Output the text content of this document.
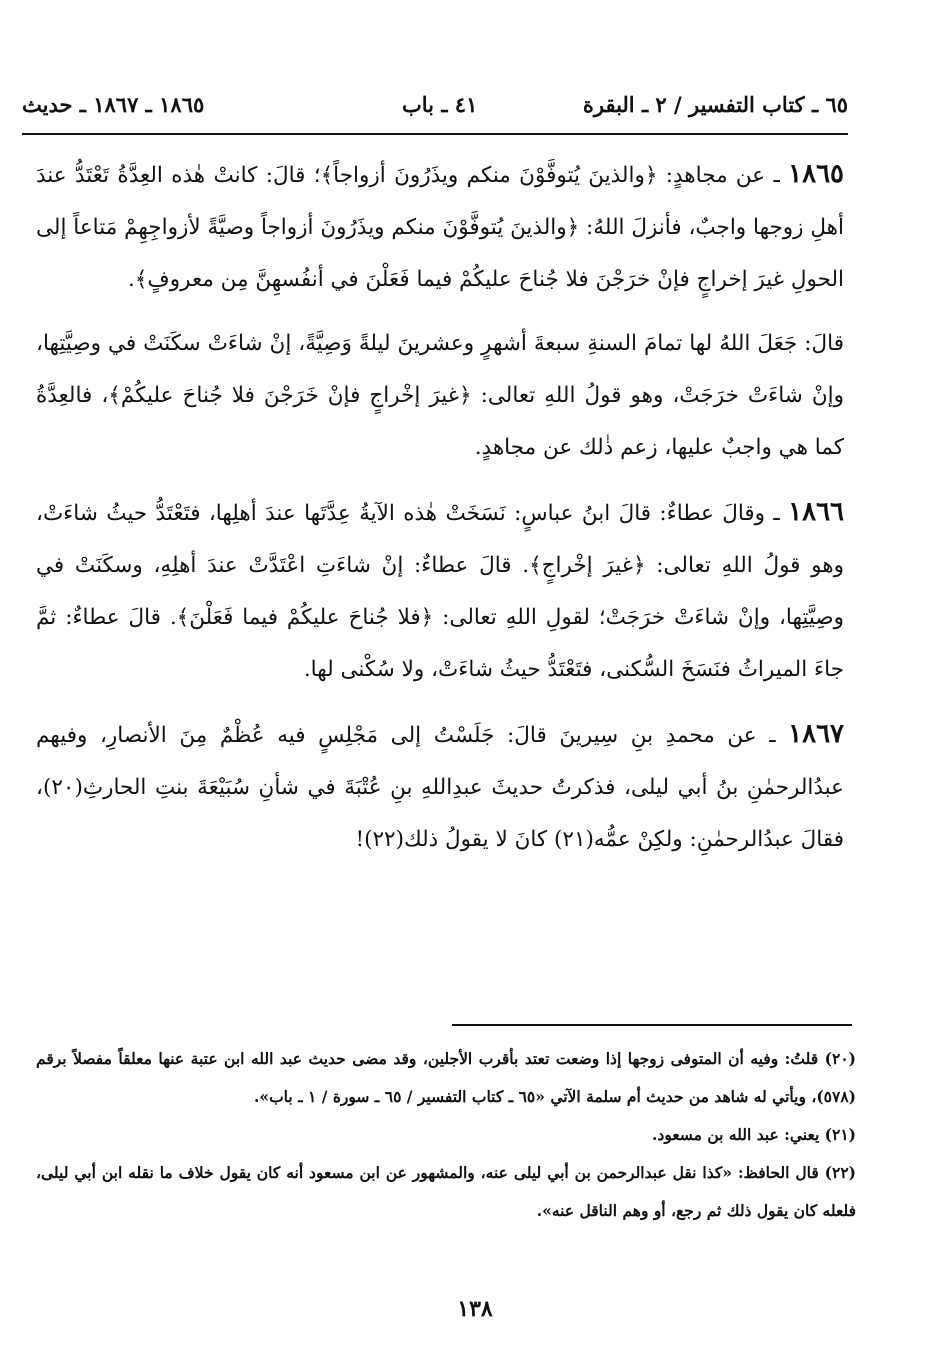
٦٥ ـ كتاب التفسير / ٢ ـ البقرة
٤١ ـ باب
١٨٦٥ ـ ١٨٦٧ ـ حديث

١٨٦٥ ـ عن مجاهدٍ: ﴿والذينَ يُتوفَّوْنَ منكم ويذَرُونَ أزواجاً﴾؛ قالَ: كانتْ هٰذه العِدَّةُ تَعْتَدُّ عندَ أهلِ زوجها واجبٌ، فأنزلَ اللهُ: ﴿والذينَ يُتوفَّوْنَ منكم ويذَرُونَ أزواجاً وصيَّةً لأزواجِهِمْ مَتاعاً إلى الحولِ غيرَ إخراجٍ فإنْ خرَجْنَ فلا جُناحَ عليكُمْ فيما فَعَلْنَ في أنفُسهِنَّ مِن معروفٍ﴾.

قالَ: جَعَلَ اللهُ لها تمامَ السنةِ سبعةَ أشهرٍ وعشرينَ ليلةً وَصِيَّةً، إنْ شاءَتْ سكَنَتْ في وصِيَّتِها، وإنْ شاءَتْ خرَجَتْ، وهو قولُ اللهِ تعالى: ﴿غيرَ إخْراجٍ فإنْ خَرَجْنَ فلا جُناحَ عليكُمْ﴾، فالعِدَّةُ كما هي واجبٌ عليها، زعم ذٰلك عن مجاهدٍ.

١٨٦٦ ـ وقالَ عطاءٌ: قالَ ابنُ عباسٍ: نَسَخَتْ هٰذه الآيةُ عِدَّتَها عندَ أهلِها، فتَعْتَدُّ حيثُ شاءَتْ، وهو قولُ اللهِ تعالى: ﴿غيرَ إخْراجٍ﴾. قالَ عطاءٌ: إنْ شاءَتِ اعْتَدَّتْ عندَ أهلِهِ، وسكَنَتْ في وصِيَّتِها، وإنْ شاءَتْ خرَجَتْ؛ لقولِ اللهِ تعالى: ﴿فلا جُناحَ عليكُمْ فيما فَعَلْنَ﴾. قالَ عطاءٌ: ثمَّ جاءَ الميراثُ فنَسَخَ السُّكنى، فتَعْتَدُّ حيثُ شاءَتْ، ولا سُكْنى لها.

١٨٦٧ ـ عن محمدِ بنِ سِيرينَ قالَ: جَلَسْتُ إلى مَجْلِسٍ فيه عُظْمٌ مِنَ الأنصارِ، وفيهم عبدُالرحمٰنِ بنُ أبي ليلى، فذكرتُ حديثَ عبدِاللهِ بنِ عُتْبَةَ في شأنِ سُبَيْعَةَ بنتِ الحارثِ(٢٠)، فقالَ عبدُالرحمٰنِ: ولكِنْ عمُّه(٢١) كانَ لا يقولُ ذلك(٢٢)!

(٢٠) قلتُ: وفيه أن المتوفى زوجها إذا وضعت تعتد بأقرب الأجلين، وقد مضى حديث عبد الله ابن عتبة عنها معلقاً مفصلاً برقم (٥٧٨)، ويأتي له شاهد من حديث أم سلمة الآتي «٦٥ ـ كتاب التفسير / ٦٥ ـ سورة / ١ ـ باب».

(٢١) يعني: عبد الله بن مسعود.

(٢٢) قال الحافظ: «كذا نقل عبدالرحمن بن أبي ليلى عنه، والمشهور عن ابن مسعود أنه كان يقول خلاف ما نقله ابن أبي ليلى، فلعله كان يقول ذلك ثم رجع، أو وهم الناقل عنه».

١٣٨
